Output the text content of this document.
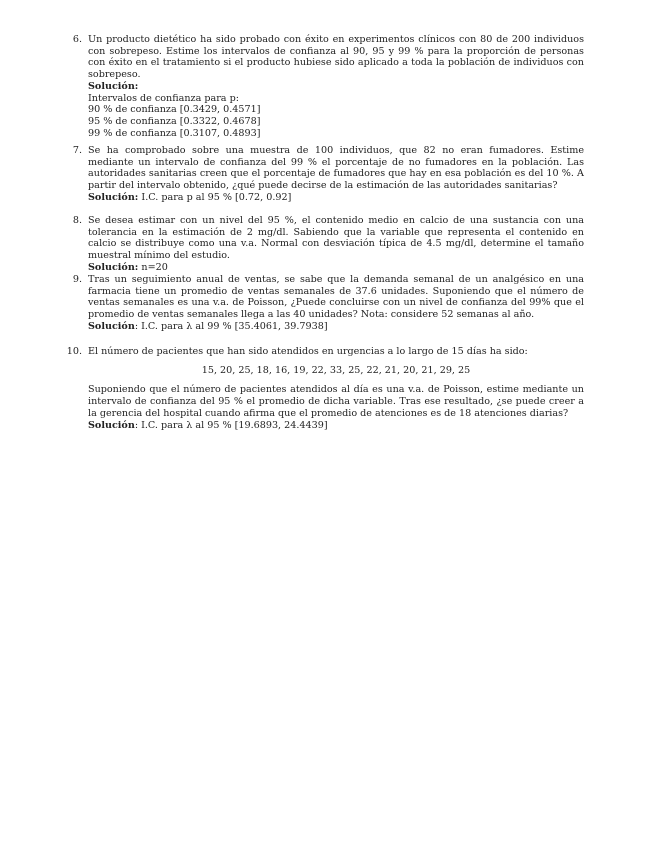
6. Un producto dietético ha sido probado con éxito en experimentos clínicos con 80 de 200 individuos con sobrepeso. Estime los intervalos de confianza al 90, 95 y 99 % para la proporción de personas con éxito en el tratamiento si el producto hubiese sido aplicado a toda la población de individuos con sobrepeso.
Solución:
Intervalos de confianza para p:
90 % de confianza [0.3429, 0.4571]
95 % de confianza [0.3322, 0.4678]
99 % de confianza [0.3107, 0.4893]
7. Se ha comprobado sobre una muestra de 100 individuos, que 82 no eran fumadores. Estime mediante un intervalo de confianza del 99 % el porcentaje de no fumadores en la población. Las autoridades sanitarias creen que el porcentaje de fumadores que hay en esa población es del 10 %. A partir del intervalo obtenido, ¿qué puede decirse de la estimación de las autoridades sanitarias?
Solución: I.C. para p al 95 % [0.72, 0.92]
8. Se desea estimar con un nivel del 95 %, el contenido medio en calcio de una sustancia con una tolerancia en la estimación de 2 mg/dl. Sabiendo que la variable que representa el contenido en calcio se distribuye como una v.a. Normal con desviación típica de 4.5 mg/dl, determine el tamaño muestral mínimo del estudio.
Solución: n=20
9. Tras un seguimiento anual de ventas, se sabe que la demanda semanal de un analgésico en una farmacia tiene un promedio de ventas semanales de 37.6 unidades. Suponiendo que el número de ventas semanales es una v.a. de Poisson, ¿Puede concluirse con un nivel de confianza del 99% que el promedio de ventas semanales llega a las 40 unidades? Nota: considere 52 semanas al año.
Solución: I.C. para λ al 99 % [35.4061, 39.7938]
10. El número de pacientes que han sido atendidos en urgencias a lo largo de 15 días ha sido:
15, 20, 25, 18, 16, 19, 22, 33, 25, 22, 21, 20, 21, 29, 25
Suponiendo que el número de pacientes atendidos al día es una v.a. de Poisson, estime mediante un intervalo de confianza del 95 % el promedio de dicha variable. Tras ese resultado, ¿se puede creer a la gerencia del hospital cuando afirma que el promedio de atenciones es de 18 atenciones diarias?
Solución: I.C. para λ al 95 % [19.6893, 24.4439]
